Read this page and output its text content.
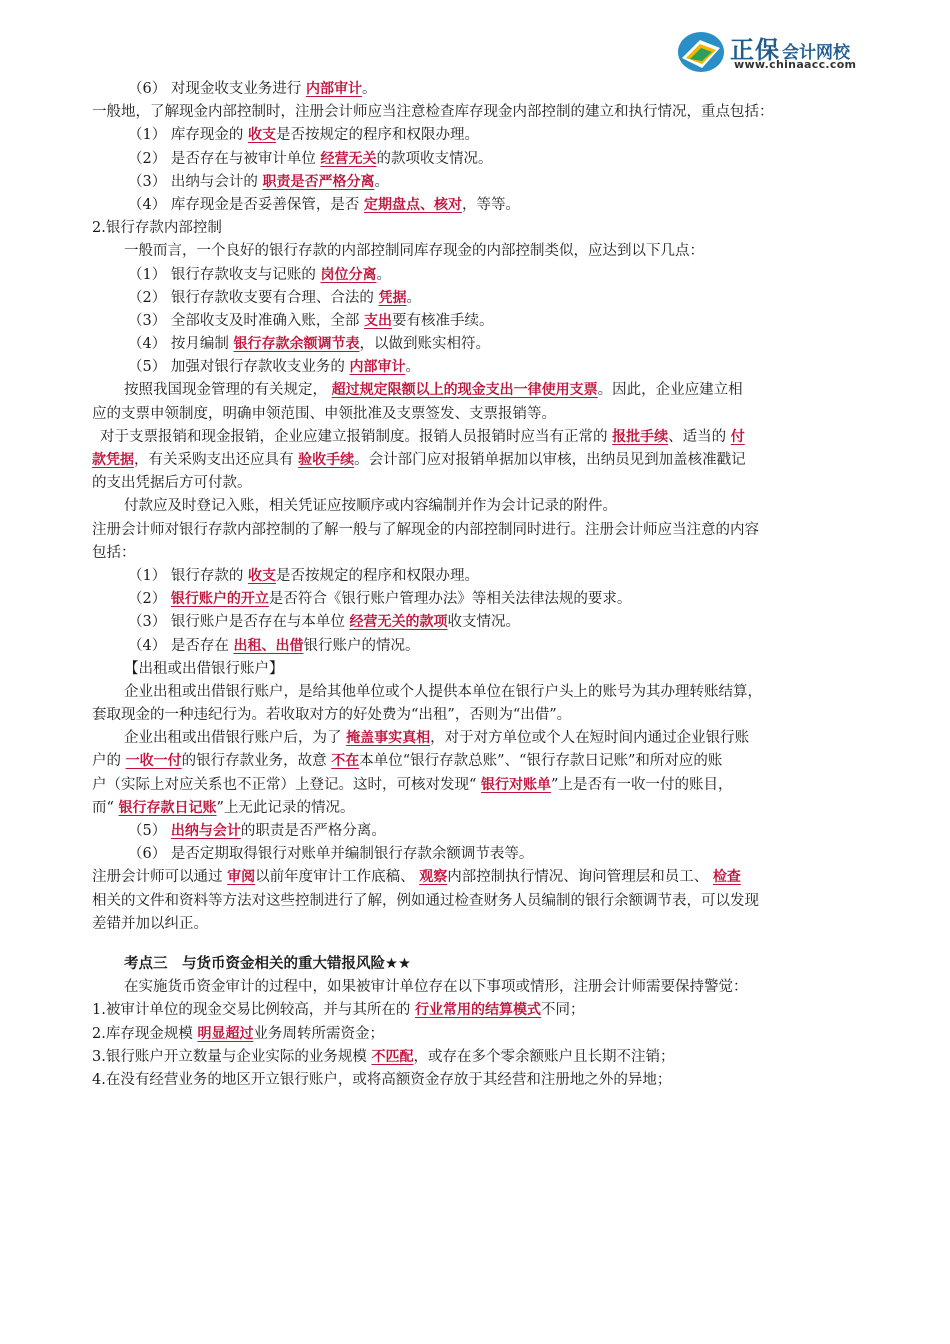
正保 会计网校
www.chinaacc.com
（6） 对现金收支业务进行 内部审计。
一般地，了解现金内部控制时，注册会计师应当注意检查库存现金内部控制的建立和执行情况，重点包括：
（1） 库存现金的 收支是否按规定的程序和权限办理。
（2） 是否存在与被审计单位 经营无关的款项收支情况。
（3） 出纳与会计的 职责是否严格分离。
（4） 库存现金是否妥善保管，是否 定期盘点、核对，等等。
2.银行存款内部控制
一般而言，一个良好的银行存款的内部控制同库存现金的内部控制类似，应达到以下几点：
（1） 银行存款收支与记账的 岗位分离。
（2） 银行存款收支要有合理、合法的 凭据。
（3） 全部收支及时准确入账，全部 支出要有核准手续。
（4） 按月编制 银行存款余额调节表，以做到账实相符。
（5） 加强对银行存款收支业务的 内部审计。
按照我国现金管理的有关规定， 超过规定限额以上的现金支出一律使用支票。因此，企业应建立相
应的支票申领制度，明确申领范围、申领批准及支票签发、支票报销等。
对于支票报销和现金报销，企业应建立报销制度。报销人员报销时应当有正常的 报批手续、适当的 付
款凭据，有关采购支出还应具有 验收手续。会计部门应对报销单据加以审核，出纳员见到加盖核准戳记
的支出凭据后方可付款。
付款应及时登记入账，相关凭证应按顺序或内容编制并作为会计记录的附件。
注册会计师对银行存款内部控制的了解一般与了解现金的内部控制同时进行。注册会计师应当注意的内容
包括：
（1） 银行存款的 收支是否按规定的程序和权限办理。
（2） 银行账户的开立是否符合《银行账户管理办法》等相关法律法规的要求。
（3） 银行账户是否存在与本单位 经营无关的款项收支情况。
（4） 是否存在 出租、出借银行账户的情况。
【出租或出借银行账户】
企业出租或出借银行账户，是给其他单位或个人提供本单位在银行户头上的账号为其办理转账结算，
套取现金的一种违纪行为。若收取对方的好处费为“出租”，否则为“出借”。
企业出租或出借银行账户后，为了 掩盖事实真相，对于对方单位或个人在短时间内通过企业银行账
户的 一收一付的银行存款业务，故意 不在本单位“银行存款总账”、“银行存款日记账”和所对应的账
户（实际上对应关系也不正常）上登记。这时，可核对发现“ 银行对账单”上是否有一收一付的账目，
而“ 银行存款日记账”上无此记录的情况。
（5） 出纳与会计的职责是否严格分离。
（6） 是否定期取得银行对账单并编制银行存款余额调节表等。
注册会计师可以通过 审阅以前年度审计工作底稿、 观察内部控制执行情况、询问管理层和员工、 检查
相关的文件和资料等方法对这些控制进行了解，例如通过检查财务人员编制的银行余额调节表，可以发现
差错并加以纠正。
考点三　与货币资金相关的重大错报风险★★
在实施货币资金审计的过程中，如果被审计单位存在以下事项或情形，注册会计师需要保持警觉：
1.被审计单位的现金交易比例较高，并与其所在的 行业常用的结算模式不同；
2.库存现金规模 明显超过业务周转所需资金；
3.银行账户开立数量与企业实际的业务规模 不匹配，或存在多个零余额账户且长期不注销；
4.在没有经营业务的地区开立银行账户，或将高额资金存放于其经营和注册地之外的异地；
